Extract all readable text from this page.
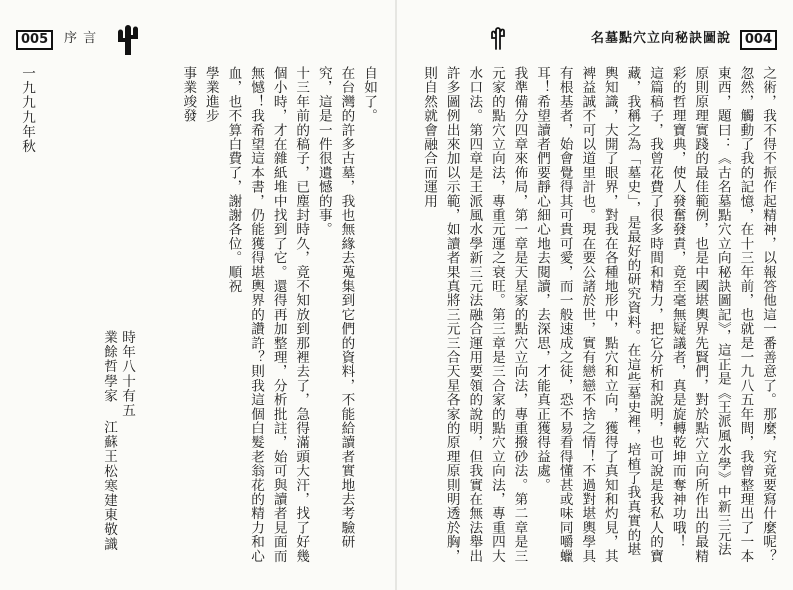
名墓點穴立向秘訣圖說	004

之術，我不得不振作起精神，以報答他這一番善意了。那麼，究竟要寫什麼呢？忽然，觸動了我的記憶，在十三年前，也就是一九八五年間，我曾整理出了一本東西，題曰：《古名墓點穴立向秘訣圖記》，這正是《王派風水學》中新三元法原則原理實踐的最佳範例，也是中國堪輿界先賢們，對於點穴立向所作出的最精彩的哲理寶典，使人發奮發責，竟至毫無疑議者，真是旋轉乾坤而奪神功哦！

這篇稿子，我曾花費了很多時間和精力，把它分析和說明，也可說是我私人的寶藏，我稱之為「墓史」，是最好的研究資料。在這些墓史裡，培植了我真實的堪輿知識，大開了眼界，對我在各種地形中，點穴和立向，獲得了真知和灼見，其裨益誠不可以道里計也。現在要公諸於世，實有戀戀不捨之情！不過對堪輿學具有根基者，始會覺得其可貴可愛，而一般速成之徒，恐不易看得懂甚或味同嚼蠟耳！希望讀者們要靜心細心地去閱讀，去深思，才能真正獲得益處。

我準備分四章來佈局，第一章是天星家的點穴立向法，專重撥砂法。第二章是三元家的點穴立向法，專重元運之衰旺。第三章是三合家的點穴立向法，專重四大水口法。第四章是王派風水學新三元法融合運用要領的說明，但我實在無法舉出許多圖例出來加以示範，如讀者果真將三元三合天星各家的原理原則明透於胸，則自然就會融合而運用

005	序 言

自如了。

在台灣的許多古墓，我也無緣去蒐集到它們的資料，不能給讀者實地去考驗研究，這是一件很遺憾的事。

十三年前的稿子，已塵封時久，竟不知放到那裡去了，急得滿頭大汗，找了好幾個小時，才在雜紙堆中找到了它。還得再加整理，分析批註，始可與讀者見面而無憾！我希望這本書，仍能獲得堪輿界的讚許？則我這個白髮老翁花的精力和心血，也不算白費了，謝謝各位。順祝

學業進步

事業竣發

業餘哲學家 江蘇王松寒建東敬識 時年八十有五
一九九九年秋
